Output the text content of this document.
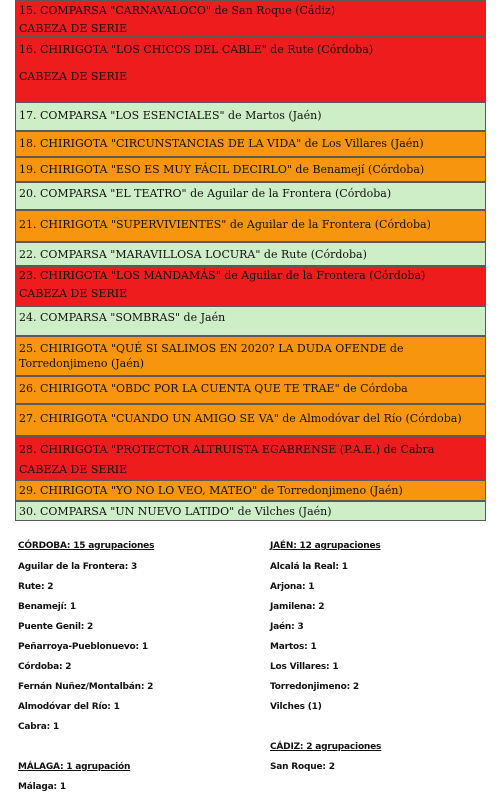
15. COMPARSA "CARNAVALOCO" de San Roque (Cádiz)
CABEZA DE SERIE
16. CHIRIGOTA "LOS CHICOS DEL CABLE" de Rute (Córdoba)
CABEZA DE SERIE
17. COMPARSA "LOS ESENCIALES" de Martos (Jaén)
18. CHIRIGOTA "CIRCUNSTANCIAS DE LA VIDA" de Los Villares (Jaén)
19. CHIRIGOTA "ESO ES MUY FÁCIL DECIRLO" de Benamejí (Córdoba)
20. COMPARSA "EL TEATRO" de Aguilar de la Frontera (Córdoba)
21. CHIRIGOTA "SUPERVIVIENTES" de Aguilar de la Frontera (Córdoba)
22. COMPARSA "MARAVILLOSA LOCURA" de Rute (Córdoba)
23. CHIRIGOTA "LOS MANDAMÁS" de Aguilar de la Frontera (Córdoba)
CABEZA DE SERIE
24. COMPARSA "SOMBRAS" de Jaén
25. CHIRIGOTA "QUÉ SI SALIMOS EN 2020? LA DUDA OFENDE de Torredonjimeno (Jaén)
26. CHIRIGOTA "OBDC POR LA CUENTA QUE TE TRAE" de Córdoba
27. CHIRIGOTA "CUANDO UN AMIGO SE VA" de Almodóvar del Río (Córdoba)
28. CHIRIGOTA "PROTECTOR ALTRUISTA EGABRENSE (P.A.E.) de Cabra
CABEZA DE SERIE
29. CHIRIGOTA "YO NO LO VEO, MATEO" de Torredonjimeno (Jaén)
30. COMPARSA "UN NUEVO LATIDO" de Vilches (Jaén)
CÓRDOBA: 15 agrupaciones
Aguilar de la Frontera: 3
Rute: 2
Benamejí: 1
Puente Genil: 2
Peñarroya-Pueblonuevo: 1
Córdoba: 2
Fernán Nuñez/Montalbán: 2
Almodóvar del Río: 1
Cabra: 1
MÁLAGA: 1 agrupación
Málaga: 1
JAÉN: 12 agrupaciones
Alcalá la Real: 1
Arjona: 1
Jamilena: 2
Jaén: 3
Martos: 1
Los Villares: 1
Torredonjimeno: 2
Vilches (1)
CÁDIZ: 2 agrupaciones
San Roque: 2
